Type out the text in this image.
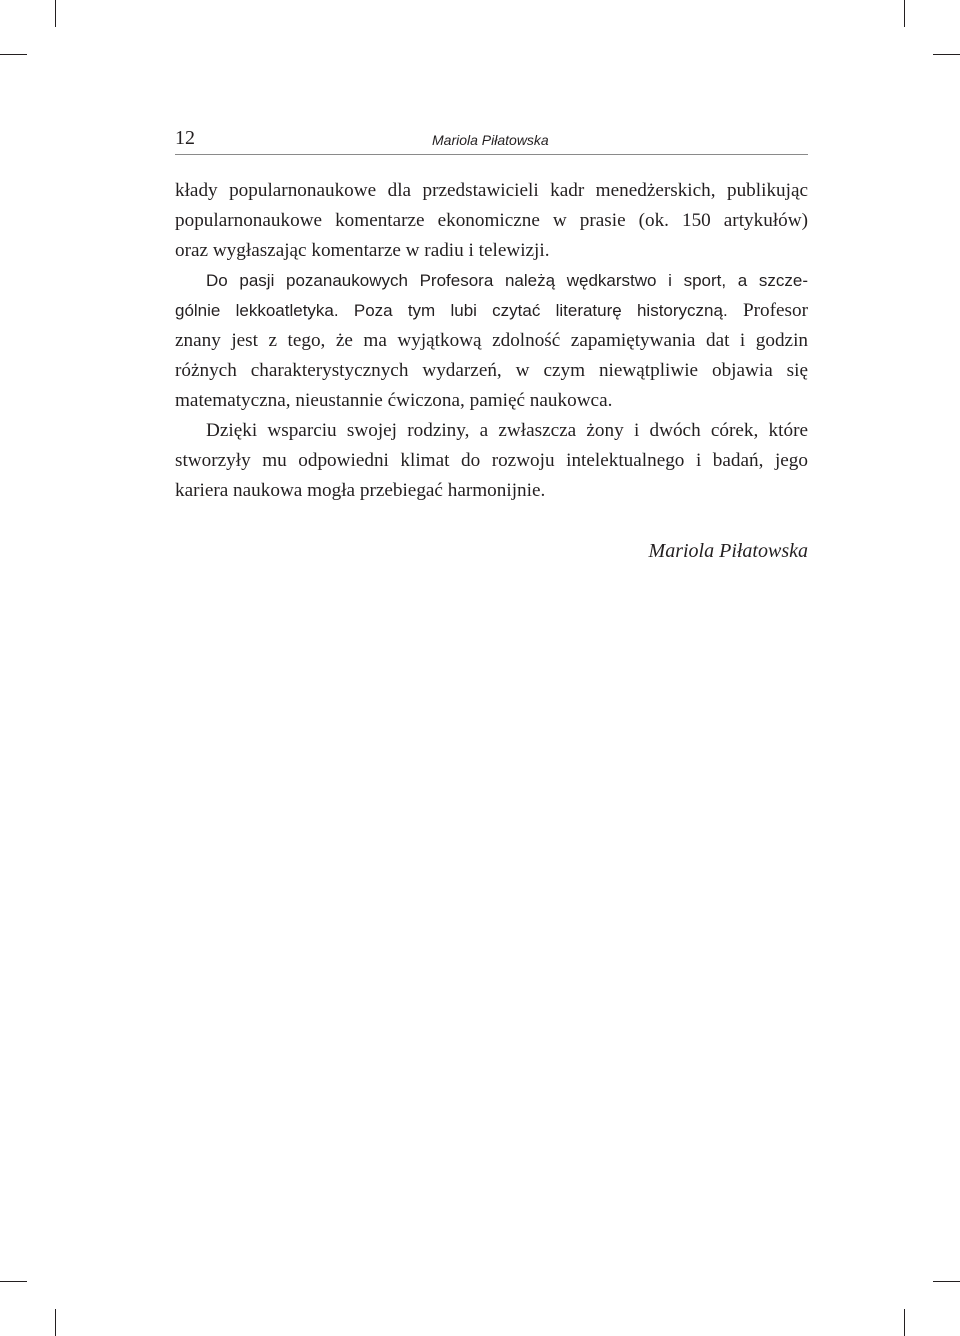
12	Mariola Piłatowska
kłady popularnonaukowe dla przedstawicieli kadr menedżerskich, publikując
popularnonaukowe komentarze ekonomiczne w prasie (ok. 150 artykułów)
oraz wygłaszając komentarze w radiu i telewizji.
Do pasji pozanaukowych Profesora należą wędkarstwo i sport, a szcze-
gólnie lekkoatletyka. Poza tym lubi czytać literaturę historyczną. Profesor
znany jest z tego, że ma wyjątkową zdolność zapamiętywania dat i godzin
różnych charakterystycznych wydarzeń, w czym niewątpliwie objawia się
matematyczna, nieustannie ćwiczona, pamięć naukowca.
Dzięki wsparciu swojej rodziny, a zwłaszcza żony i dwóch córek, które
stworzyły mu odpowiedni klimat do rozwoju intelektualnego i badań, jego
kariera naukowa mogła przebiegać harmonijnie.
Mariola Piłatowska
